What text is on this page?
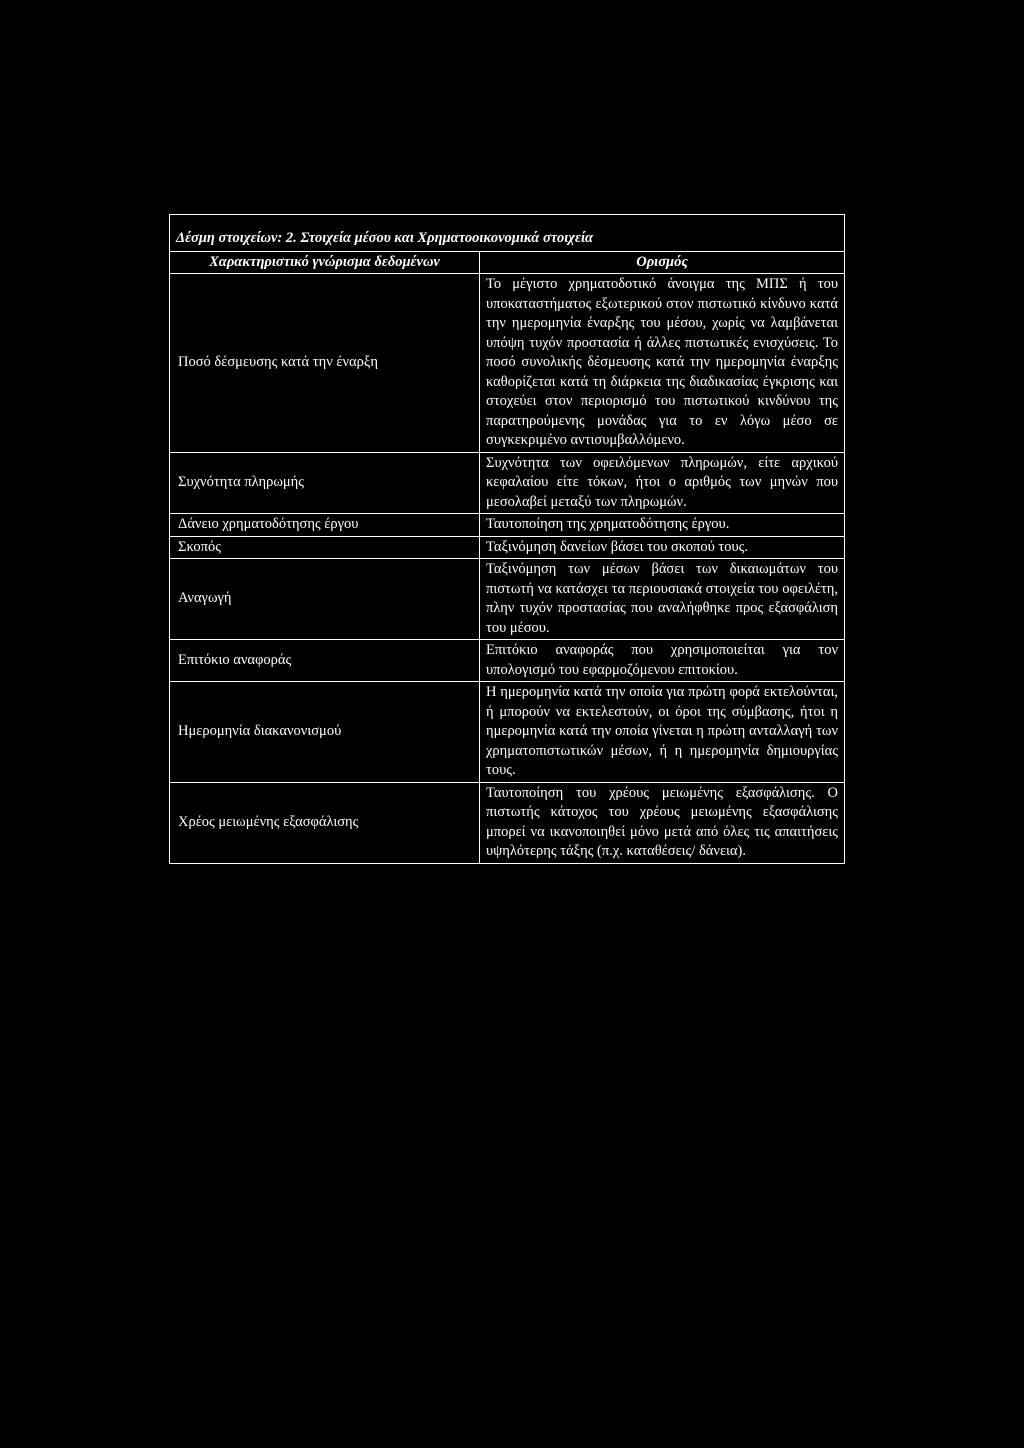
Δέσμη στοιχείων: 2. Στοιχεία μέσου και Χρηματοοικονομικά στοιχεία	
Χαρακτηριστικό γνώρισμα δεδομένων	Ορισμός
Ποσό δέσμευσης κατά την έναρξη	Το μέγιστο χρηματοδοτικό άνοιγμα της ΜΠΣ ή του υποκαταστήματος εξωτερικού στον πιστωτικό κίνδυνο κατά την ημερομηνία έναρξης του μέσου, χωρίς να λαμβάνεται υπόψη τυχόν προστασία ή άλλες πιστωτικές ενισχύσεις. Το ποσό συνολικής δέσμευσης κατά την ημερομηνία έναρξης καθορίζεται κατά τη διάρκεια της διαδικασίας έγκρισης και στοχεύει στον περιορισμό του πιστωτικού κινδύνου της παρατηρούμενης μονάδας για το εν λόγω μέσο σε συγκεκριμένο αντισυμβαλλόμενο.
Συχνότητα πληρωμής	Συχνότητα των οφειλόμενων πληρωμών, είτε αρχικού κεφαλαίου είτε τόκων, ήτοι ο αριθμός των μηνών που μεσολαβεί μεταξύ των πληρωμών.
Δάνειο χρηματοδότησης έργου	Ταυτοποίηση της χρηματοδότησης έργου.
Σκοπός	Ταξινόμηση δανείων βάσει του σκοπού τους.
Αναγωγή	Ταξινόμηση των μέσων βάσει των δικαιωμάτων του πιστωτή να κατάσχει τα περιουσιακά στοιχεία του οφειλέτη, πλην τυχόν προστασίας που αναλήφθηκε προς εξασφάλιση του μέσου.
Επιτόκιο αναφοράς	Επιτόκιο αναφοράς που χρησιμοποιείται για τον υπολογισμό του εφαρμοζόμενου επιτοκίου.
Ημερομηνία διακανονισμού	Η ημερομηνία κατά την οποία για πρώτη φορά εκτελούνται, ή μπορούν να εκτελεστούν, οι όροι της σύμβασης, ήτοι η ημερομηνία κατά την οποία γίνεται η πρώτη ανταλλαγή των χρηματοπιστωτικών μέσων, ή η ημερομηνία δημιουργίας τους.
Χρέος μειωμένης εξασφάλισης	Ταυτοποίηση του χρέους μειωμένης εξασφάλισης. Ο πιστωτής κάτοχος του χρέους μειωμένης εξασφάλισης μπορεί να ικανοποιηθεί μόνο μετά από όλες τις απαιτήσεις υψηλότερης τάξης (π.χ. καταθέσεις/ δάνεια).
